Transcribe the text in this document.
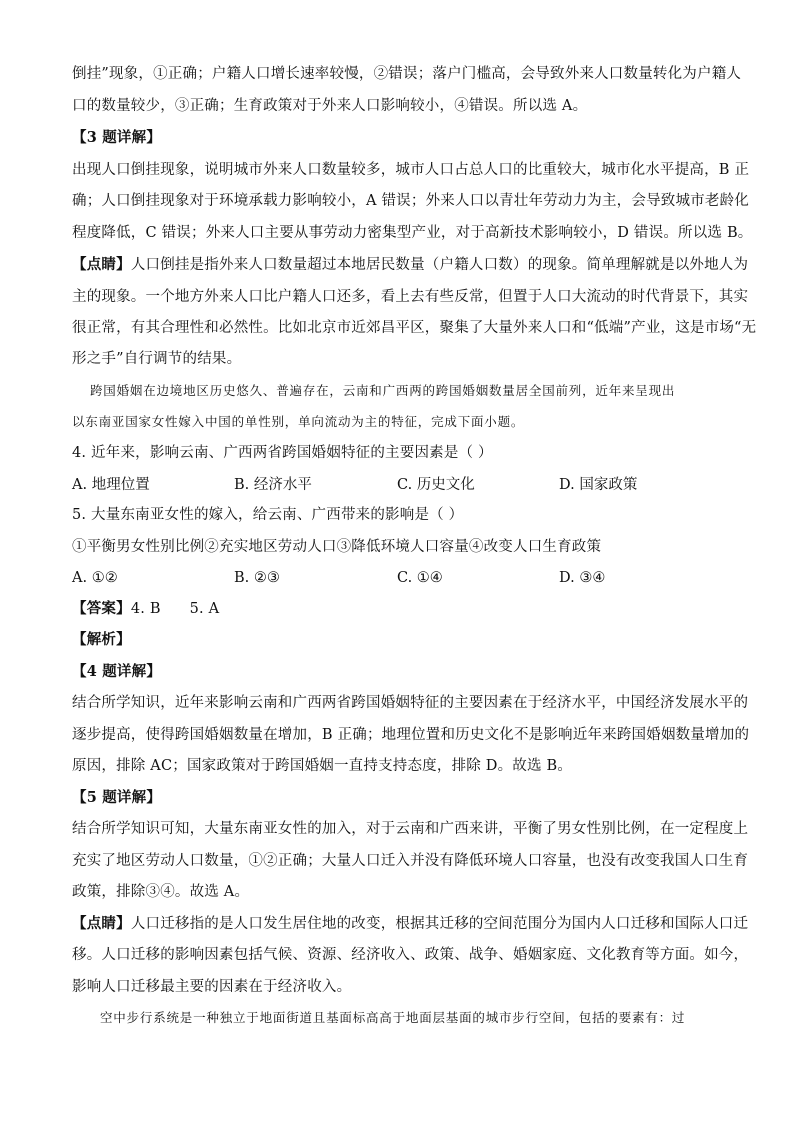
倒挂”现象，①正确；户籍人口增长速率较慢，②错误；落户门槛高，会导致外来人口数量转化为户籍人
口的数量较少，③正确；生育政策对于外来人口影响较小，④错误。所以选 A。
【3 题详解】
出现人口倒挂现象，说明城市外来人口数量较多，城市人口占总人口的比重较大，城市化水平提高，B 正
确；人口倒挂现象对于环境承载力影响较小，A 错误；外来人口以青壮年劳动力为主，会导致城市老龄化
程度降低，C 错误；外来人口主要从事劳动力密集型产业，对于高新技术影响较小，D 错误。所以选 B。
【点睛】人口倒挂是指外来人口数量超过本地居民数量（户籍人口数）的现象。简单理解就是以外地人为
主的现象。一个地方外来人口比户籍人口还多，看上去有些反常，但置于人口大流动的时代背景下，其实
很正常，有其合理性和必然性。比如北京市近郊昌平区，聚集了大量外来人口和“低端”产业，这是市场“无
形之手”自行调节的结果。
跨国婚姻在边境地区历史悠久、普遍存在，云南和广西两的跨国婚姻数量居全国前列，近年来呈现出
以东南亚国家女性嫁入中国的单性别，单向流动为主的特征，完成下面小题。
4. 近年来，影响云南、广西两省跨国婚姻特征的主要因素是（ ）
A. 地理位置	B. 经济水平	C. 历史文化	D. 国家政策
5. 大量东南亚女性的嫁入，给云南、广西带来的影响是（ ）
①平衡男女性别比例②充实地区劳动人口③降低环境人口容量④改变人口生育政策
A. ①②	B. ②③	C. ①④	D. ③④
【答案】4. B      5. A
【解析】
【4 题详解】
结合所学知识，近年来影响云南和广西两省跨国婚姻特征的主要因素在于经济水平，中国经济发展水平的
逐步提高，使得跨国婚姻数量在增加，B 正确；地理位置和历史文化不是影响近年来跨国婚姻数量增加的
原因，排除 AC；国家政策对于跨国婚姻一直持支持态度，排除 D。故选 B。
【5 题详解】
结合所学知识可知，大量东南亚女性的加入，对于云南和广西来讲，平衡了男女性别比例，在一定程度上
充实了地区劳动人口数量，①②正确；大量人口迁入并没有降低环境人口容量，也没有改变我国人口生育
政策，排除③④。故选 A。
【点睛】人口迁移指的是人口发生居住地的改变，根据其迁移的空间范围分为国内人口迁移和国际人口迁
移。人口迁移的影响因素包括气候、资源、经济收入、政策、战争、婚姻家庭、文化教育等方面。如今，
影响人口迁移最主要的因素在于经济收入。
空中步行系统是一种独立于地面街道且基面标高高于地面层基面的城市步行空间，包括的要素有：过
